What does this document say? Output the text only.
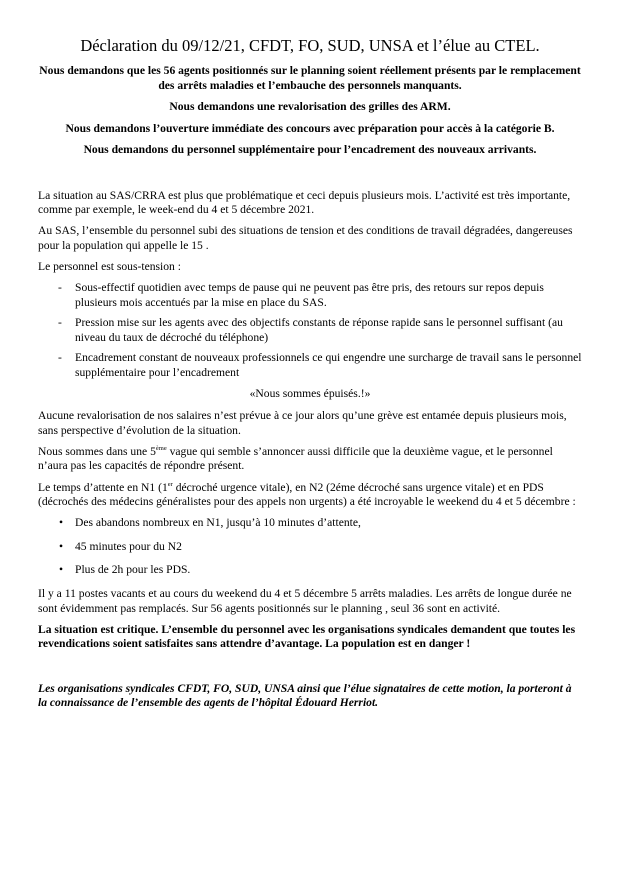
Déclaration du 09/12/21, CFDT, FO, SUD, UNSA et l’élue au CTEL.

Nous demandons que les 56 agents positionnés sur le planning soient réellement présents par le remplacement des arrêts maladies et l’embauche des personnels manquants.

Nous demandons une revalorisation des grilles des ARM.

Nous demandons l’ouverture immédiate des concours avec préparation pour accès à la catégorie B.

Nous demandons du personnel supplémentaire pour l’encadrement des nouveaux arrivants.

La situation au SAS/CRRA est plus que problématique et ceci depuis plusieurs mois. L’activité est très importante, comme par exemple, le week-end du 4 et 5 décembre 2021.

Au SAS, l’ensemble du personnel subi des situations de tension et des conditions de travail dégradées, dangereuses pour la population qui appelle le 15 .

Le personnel est sous-tension :

- Sous-effectif quotidien avec temps de pause qui ne peuvent pas être pris, des retours sur repos depuis plusieurs mois accentués par la mise en place du SAS.
- Pression mise sur les agents avec des objectifs constants de réponse rapide sans le personnel suffisant (au niveau du taux de décroché du téléphone)
- Encadrement constant de nouveaux professionnels ce qui engendre une surcharge de travail sans le personnel supplémentaire pour l’encadrement

«Nous sommes épuisés.!»

Aucune revalorisation de nos salaires n’est prévue à ce jour alors qu’une grève est entamée depuis plusieurs mois, sans perspective d’évolution de la situation.

Nous sommes dans une 5ème vague qui semble s’annoncer aussi difficile que la deuxième vague, et le personnel n’aura pas les capacités de répondre présent.

Le temps d’attente en N1 (1er décroché urgence vitale), en N2 (2éme décroché sans urgence vitale) et en PDS (décrochés des médecins généralistes pour des appels non urgents) a été incroyable le weekend du 4 et 5 décembre :

• Des abandons nombreux en N1, jusqu’à 10 minutes d’attente,
• 45 minutes pour du N2
• Plus de 2h pour les PDS.

Il y a 11 postes vacants et au cours du weekend du 4 et 5 décembre 5 arrêts maladies. Les arrêts de longue durée ne sont évidemment pas remplacés. Sur 56 agents positionnés sur le planning , seul 36 sont en activité.

La situation est critique. L’ensemble du personnel avec les organisations syndicales demandent que toutes les revendications soient satisfaites sans attendre d’avantage. La population est en danger !

Les organisations syndicales CFDT, FO, SUD, UNSA ainsi que l’élue signataires de cette motion, la porteront à la connaissance de l’ensemble des agents de l’hôpital Édouard Herriot.
